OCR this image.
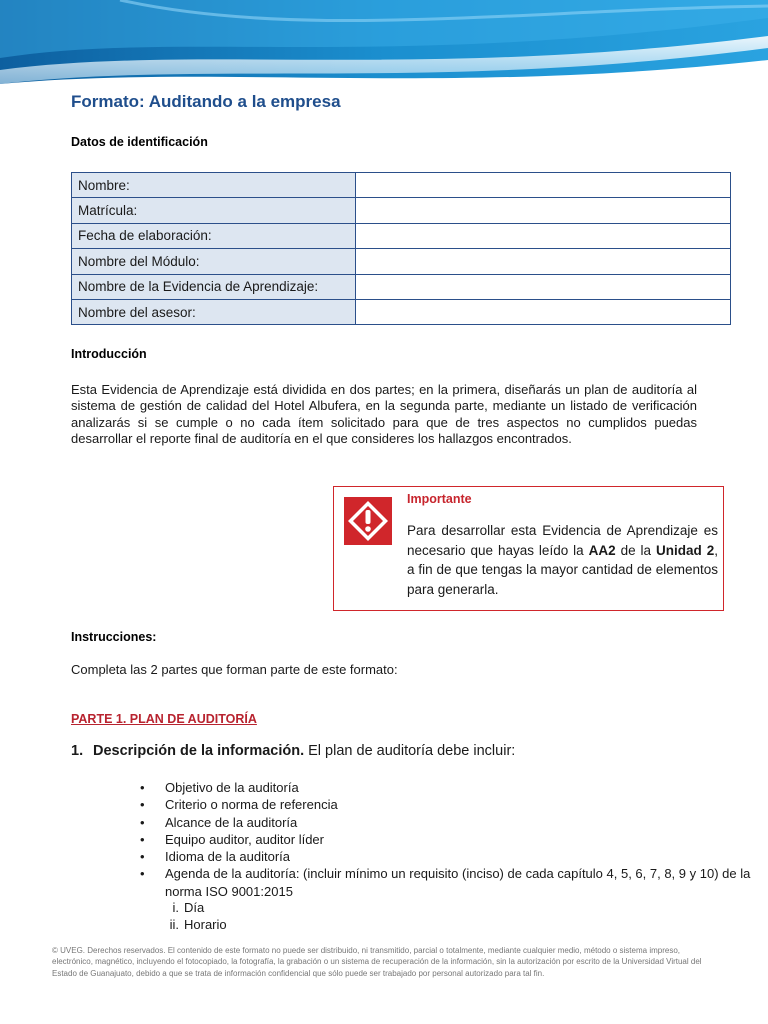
Formato: Auditando a la empresa
Datos de identificación
Nombre:	
Matrícula:	
Fecha de elaboración:	
Nombre del Módulo:	
Nombre de la Evidencia de Aprendizaje:	
Nombre del asesor:	
Introducción

Esta Evidencia de Aprendizaje está dividida en dos partes; en la primera, diseñarás un plan de auditoría al sistema de gestión de calidad del Hotel Albufera, en la segunda parte, mediante un listado de verificación analizarás si se cumple o no cada ítem solicitado para que de tres aspectos no cumplidos puedas desarrollar el reporte final de auditoría en el que consideres los hallazgos encontrados.

Importante

Para desarrollar esta Evidencia de Aprendizaje es necesario que hayas leído la AA2 de la Unidad 2, a fin de que tengas la mayor cantidad de elementos para generarla.

Instrucciones:

Completa las 2 partes que forman parte de este formato:

PARTE 1. PLAN DE AUDITORÍA

1. Descripción de la información. El plan de auditoría debe incluir:

• Objetivo de la auditoría
• Criterio o norma de referencia
• Alcance de la auditoría
• Equipo auditor, auditor líder
• Idioma de la auditoría
• Agenda de la auditoría: (incluir mínimo un requisito (inciso) de cada capítulo 4, 5, 6, 7, 8, 9 y 10) de la norma ISO 9001:2015
i. Día
ii. Horario

© UVEG. Derechos reservados. El contenido de este formato no puede ser distribuido, ni transmitido, parcial o totalmente, mediante cualquier medio, método o sistema impreso, electrónico, magnético, incluyendo el fotocopiado, la fotografía, la grabación o un sistema de recuperación de la información, sin la autorización por escrito de la Universidad Virtual del Estado de Guanajuato, debido a que se trata de información confidencial que sólo puede ser trabajado por personal autorizado para tal fin.
